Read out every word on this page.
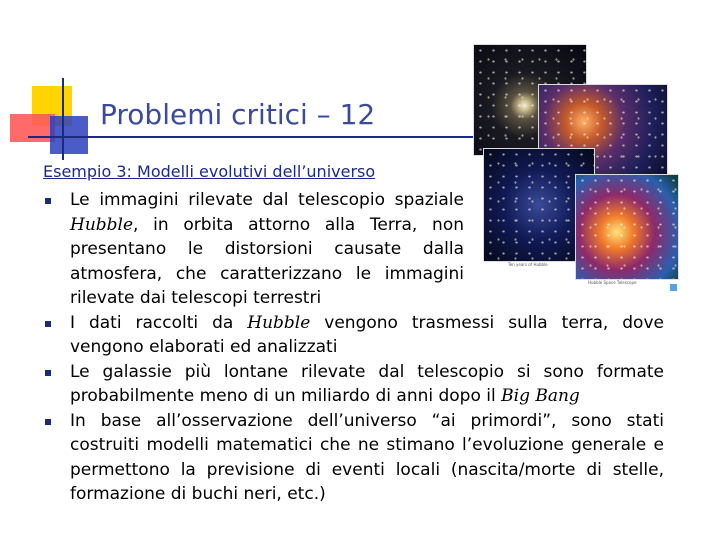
Problemi critici – 12
Esempio 3: Modelli evolutivi dell’universo
Ten years of Hubble
Hubble Space Telescope
Le immagini rilevate dal telescopio spaziale Hubble, in orbita attorno alla Terra, non presentano le distorsioni causate dalla atmosfera, che caratterizzano le immagini rilevate dai telescopi terrestri
I dati raccolti da Hubble vengono trasmessi sulla terra, dove vengono elaborati ed analizzati
Le galassie più lontane rilevate dal telescopio si sono formate probabilmente meno di un miliardo di anni dopo il Big Bang
In base all’osservazione dell’universo “ai primordi”, sono stati costruiti modelli matematici che ne stimano l’evoluzione generale e permettono la previsione di eventi locali (nascita/morte di stelle, formazione di buchi neri, etc.)
